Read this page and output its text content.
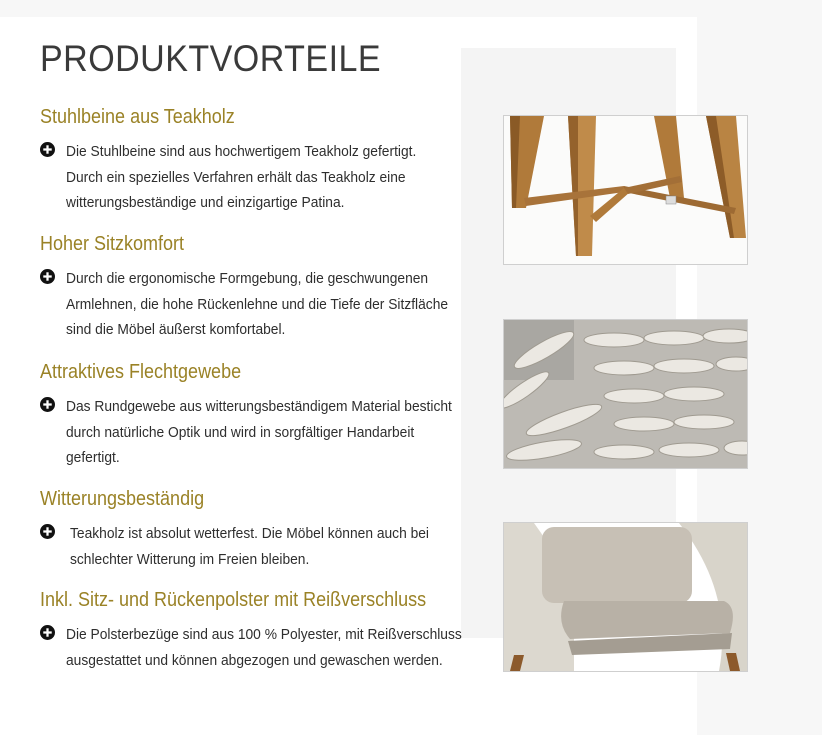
PRODUKTVORTEILE
Stuhlbeine aus Teakholz

Die Stuhlbeine sind aus hochwertigem Teakholz gefertigt.

Durch ein spezielles Verfahren erhält das Teakholz eine

witterungsbeständige und einzigartige Patina.

Hoher Sitzkomfort

Durch die ergonomische Formgebung, die geschwungenen

Armlehnen, die hohe Rückenlehne und die Tiefe der Sitzfläche

sind die Möbel äußerst komfortabel.

Attraktives Flechtgewebe

Das Rundgewebe aus witterungsbeständigem Material besticht

durch natürliche Optik und wird in sorgfältiger Handarbeit

gefertigt.

Witterungsbeständig

Teakholz ist absolut wetterfest. Die Möbel können auch bei

schlechter Witterung im Freien bleiben.

Inkl. Sitz- und Rückenpolster mit Reißverschluss

Die Polsterbezüge sind aus 100 % Polyester, mit Reißverschluss

ausgestattet und können abgezogen und gewaschen werden.
